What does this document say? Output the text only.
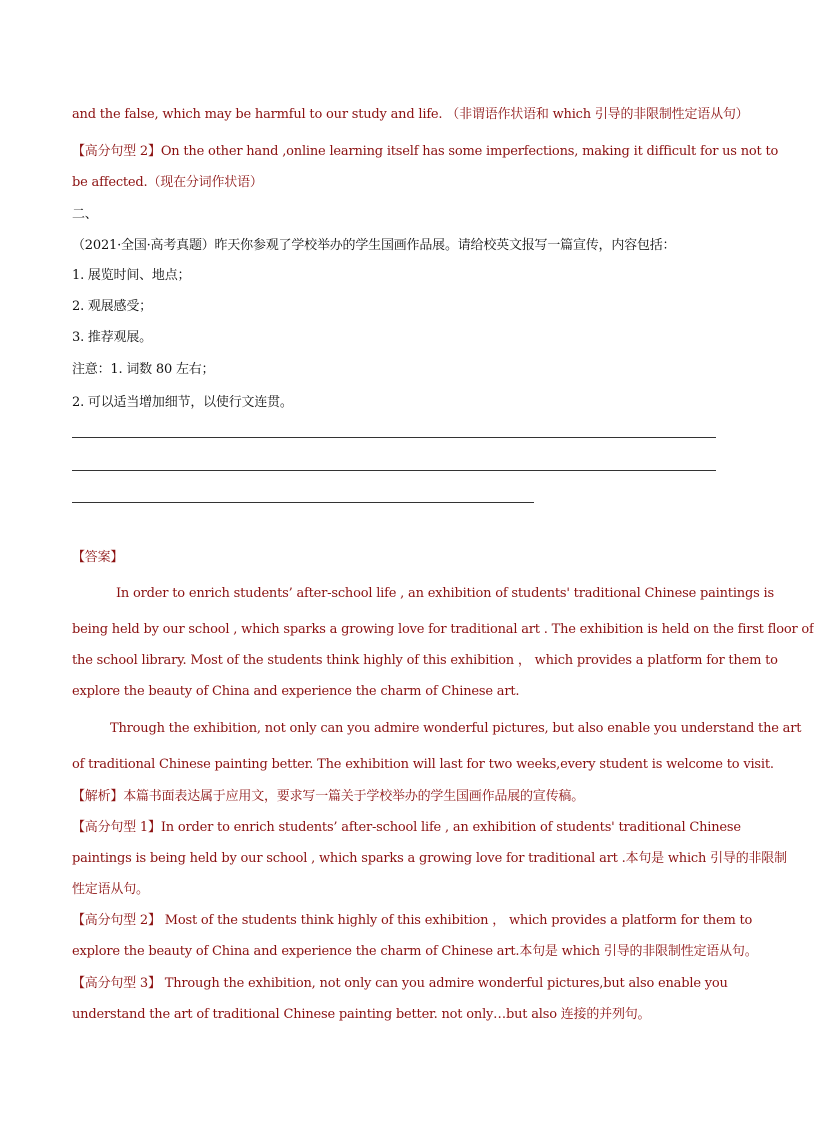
and the false, which may be harmful to our study and life. （非谓语作状语和 which 引导的非限制性定语从句）
【高分句型 2】On the other hand ,online learning itself has some imperfections, making it difficult for us not to
be affected.（现在分词作状语）
二、
（2021·全国·高考真题）昨天你参观了学校举办的学生国画作品展。请给校英文报写一篇宣传，内容包括：
1. 展览时间、地点；
2. 观展感受；
3. 推荐观展。
注意：1. 词数 80 左右；
2. 可以适当增加细节，以使行文连贯。
【答案】
In order to enrich students’ after-school life , an exhibition of students' traditional Chinese paintings is
being held by our school , which sparks a growing love for traditional art . The exhibition is held on the first floor of
the school library. Most of the students think highly of this exhibition ， which provides a platform for them to
explore the beauty of China and experience the charm of Chinese art.
Through the exhibition, not only can you admire wonderful pictures, but also enable you understand the art
of traditional Chinese painting better. The exhibition will last for two weeks,every student is welcome to visit.
【解析】本篇书面表达属于应用文，要求写一篇关于学校举办的学生国画作品展的宣传稿。
【高分句型 1】In order to enrich students’ after-school life , an exhibition of students' traditional Chinese
paintings is being held by our school , which sparks a growing love for traditional art .本句是 which 引导的非限制
性定语从句。
【高分句型 2】 Most of the students think highly of this exhibition ， which provides a platform for them to
explore the beauty of China and experience the charm of Chinese art.本句是 which 引导的非限制性定语从句。
【高分句型 3】 Through the exhibition, not only can you admire wonderful pictures,but also enable you
understand the art of traditional Chinese painting better. not only…but also 连接的并列句。
